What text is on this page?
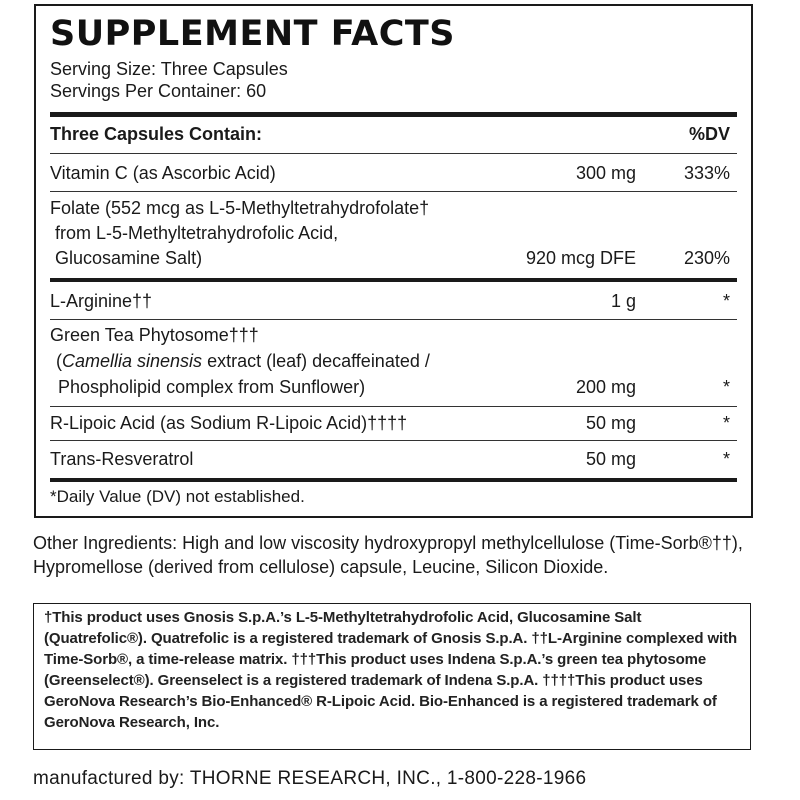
SUPPLEMENT FACTS
Serving Size: Three Capsules
Servings Per Container: 60
Three Capsules Contain:	%DV
Vitamin C (as Ascorbic Acid)	300 mg	333%
Folate (552 mcg as L-5-Methyltetrahydrofolate†
from L-5-Methyltetrahydrofolic Acid,
Glucosamine Salt)	920 mcg DFE	230%
L-Arginine††	1 g	*
Green Tea Phytosome†††
(Camellia sinensis extract (leaf) decaffeinated /
Phospholipid complex from Sunflower)	200 mg	*
R-Lipoic Acid (as Sodium R-Lipoic Acid)††††	50 mg	*
Trans-Resveratrol	50 mg	*
*Daily Value (DV) not established.

Other Ingredients: High and low viscosity hydroxypropyl methylcellulose (Time-Sorb®††), Hypromellose (derived from cellulose) capsule, Leucine, Silicon Dioxide.

†This product uses Gnosis S.p.A.’s L-5-Methyltetrahydrofolic Acid, Glucosamine Salt (Quatrefolic®). Quatrefolic is a registered trademark of Gnosis S.p.A. ††L-Arginine complexed with Time-Sorb®, a time-release matrix. †††This product uses Indena S.p.A.’s green tea phytosome (Greenselect®). Greenselect is a registered trademark of Indena S.p.A. ††††This product uses GeroNova Research’s Bio-Enhanced® R-Lipoic Acid. Bio-Enhanced is a registered trademark of GeroNova Research, Inc.

manufactured by: THORNE RESEARCH, INC., 1-800-228-1966
